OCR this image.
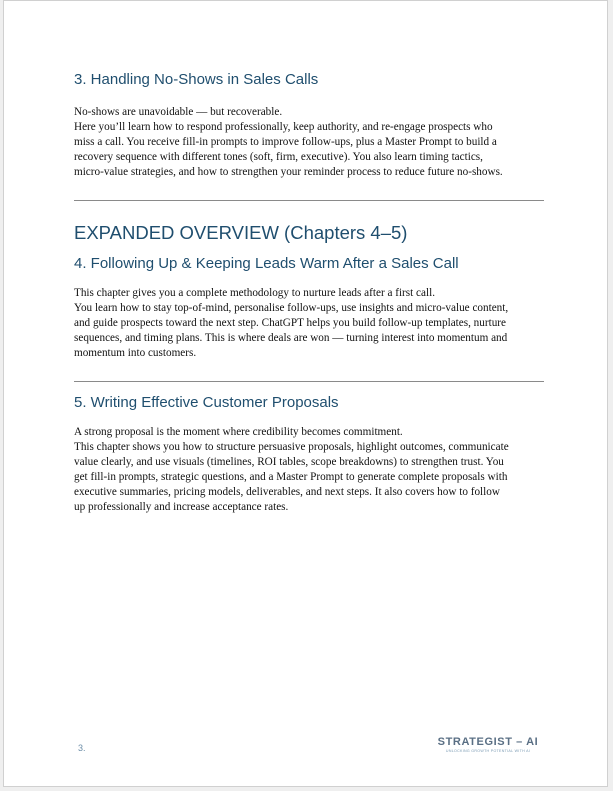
3. Handling No-Shows in Sales Calls
No-shows are unavoidable — but recoverable.
Here you’ll learn how to respond professionally, keep authority, and re-engage prospects who
miss a call. You receive fill-in prompts to improve follow-ups, plus a Master Prompt to build a
recovery sequence with different tones (soft, firm, executive). You also learn timing tactics,
micro-value strategies, and how to strengthen your reminder process to reduce future no-shows.
EXPANDED OVERVIEW (Chapters 4–5)
4. Following Up & Keeping Leads Warm After a Sales Call
This chapter gives you a complete methodology to nurture leads after a first call.
You learn how to stay top-of-mind, personalise follow-ups, use insights and micro-value content,
and guide prospects toward the next step. ChatGPT helps you build follow-up templates, nurture
sequences, and timing plans. This is where deals are won — turning interest into momentum and
momentum into customers.
5. Writing Effective Customer Proposals
A strong proposal is the moment where credibility becomes commitment.
This chapter shows you how to structure persuasive proposals, highlight outcomes, communicate
value clearly, and use visuals (timelines, ROI tables, scope breakdowns) to strengthen trust. You
get fill-in prompts, strategic questions, and a Master Prompt to generate complete proposals with
executive summaries, pricing models, deliverables, and next steps. It also covers how to follow
up professionally and increase acceptance rates.
3.	STRATEGIST – AI
UNLOCKING GROWTH POTENTIAL WITH AI
